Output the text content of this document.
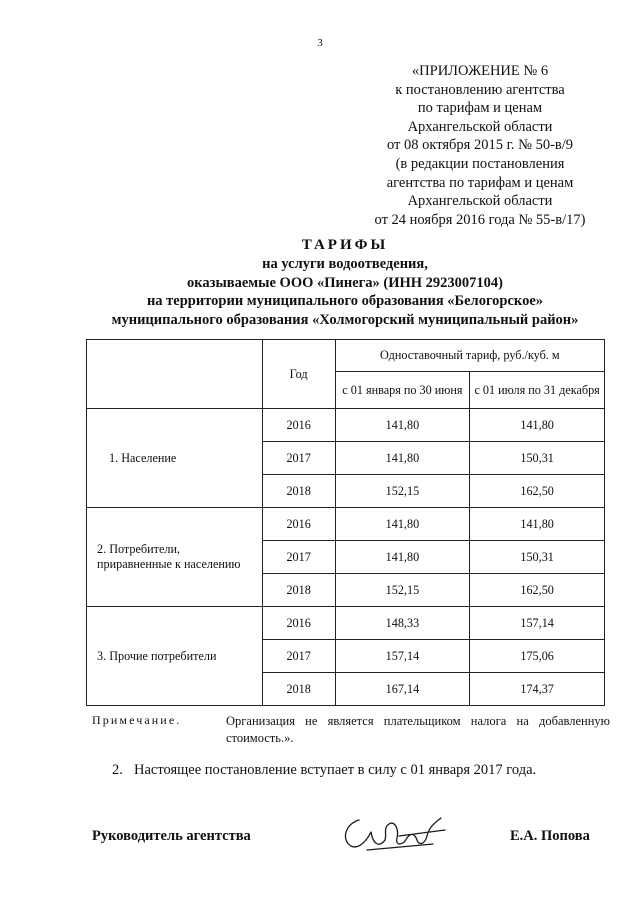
3
«ПРИЛОЖЕНИЕ № 6
к постановлению агентства
по тарифам и ценам
Архангельской области
от 08 октября 2015 г. № 50-в/9
(в редакции постановления
агентства по тарифам и ценам
Архангельской области
от 24 ноября 2016 года № 55-в/17)
ТАРИФЫ
на услуги водоотведения,
оказываемые ООО «Пинега» (ИНН 2923007104)
на территории муниципального образования «Белогорское»
муниципального образования «Холмогорский муниципальный район»
	Год	Одноставочный тариф, руб./куб. м	
		с 01 января по 30 июня	с 01 июля по 31 декабря
1. Население	2016	141,80	141,80
	2017	141,80	150,31
	2018	152,15	162,50
2. Потребители, приравненные к населению	2016	141,80	141,80
	2017	141,80	150,31
	2018	152,15	162,50
3. Прочие потребители	2016	148,33	157,14
	2017	157,14	175,06
	2018	167,14	174,37
Примечание.	Организация не является плательщиком налога на добавленную стоимость.».
2. Настоящее постановление вступает в силу с 01 января 2017 года.
Руководитель агентства	Е.А. Попова
